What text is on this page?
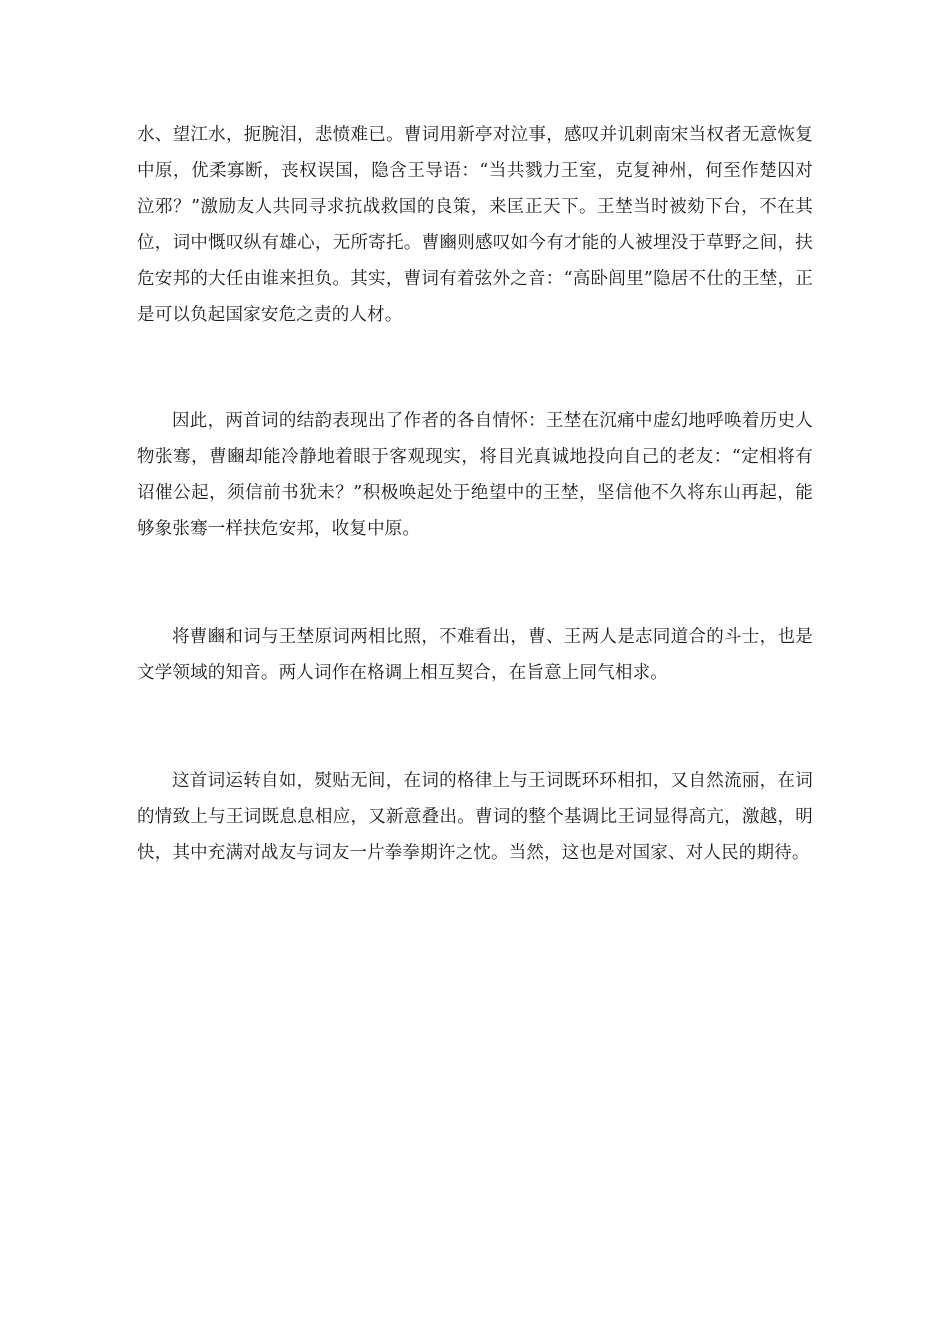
水、望江水，扼腕泪，悲愤难已。曹词用新亭对泣事，感叹并讥刺南宋当权者无意恢复中原，优柔寡断，丧权误国，隐含王导语：“当共戮力王室，克复神州，何至作楚囚对泣邪？”激励友人共同寻求抗战救国的良策，来匡正天下。王埜当时被劾下台，不在其位，词中慨叹纵有雄心，无所寄托。曹豳则感叹如今有才能的人被埋没于草野之间，扶危安邦的大任由谁来担负。其实，曹词有着弦外之音：“高卧闾里”隐居不仕的王埜，正是可以负起国家安危之责的人材。

因此，两首词的结韵表现出了作者的各自情怀：王埜在沉痛中虚幻地呼唤着历史人物张骞，曹豳却能冷静地着眼于客观现实，将目光真诚地投向自己的老友：“定相将有诏催公起，须信前书犹未？”积极唤起处于绝望中的王埜，坚信他不久将东山再起，能够象张骞一样扶危安邦，收复中原。

将曹豳和词与王埜原词两相比照，不难看出，曹、王两人是志同道合的斗士，也是文学领域的知音。两人词作在格调上相互契合，在旨意上同气相求。

这首词运转自如，熨贴无间，在词的格律上与王词既环环相扣，又自然流丽，在词的情致上与王词既息息相应，又新意叠出。曹词的整个基调比王词显得高亢，激越，明快，其中充满对战友与词友一片拳拳期许之忱。当然，这也是对国家、对人民的期待。
